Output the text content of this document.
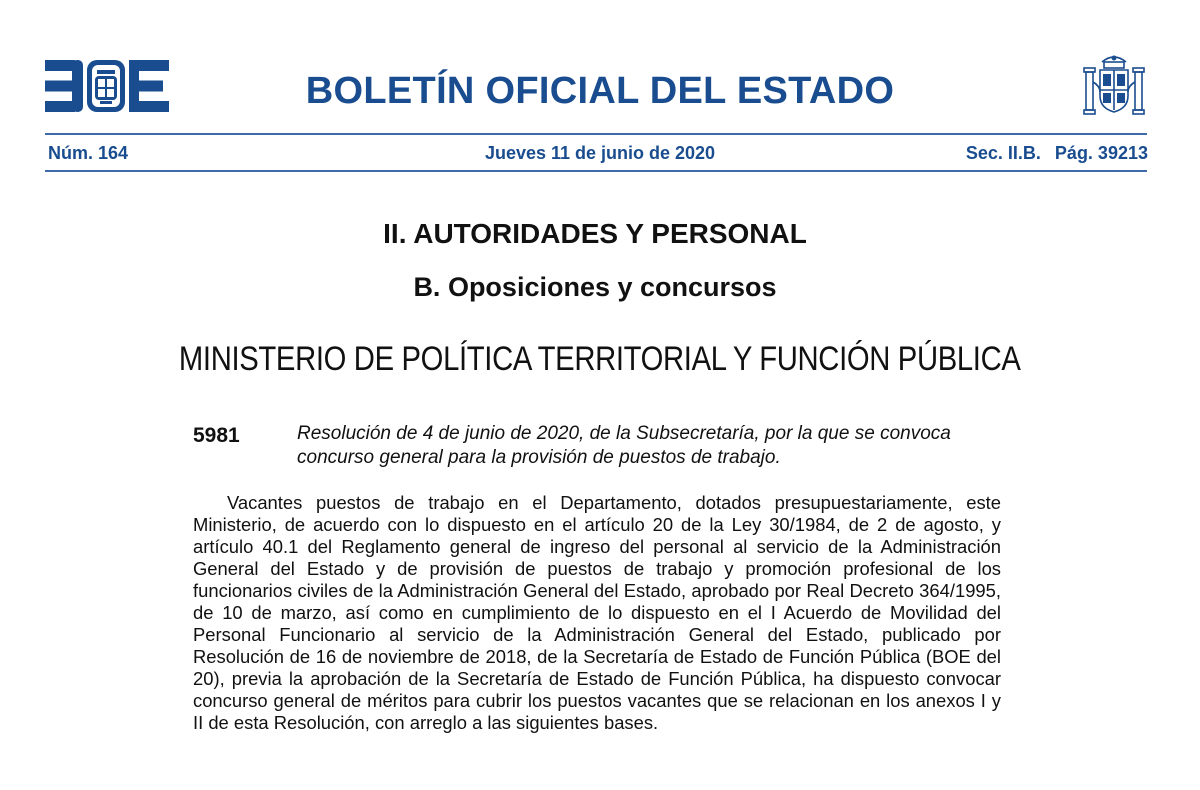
BOLETÍN OFICIAL DEL ESTADO
Núm. 164	Jueves 11 de junio de 2020	Sec. II.B. Pág. 39213
II. AUTORIDADES Y PERSONAL
B. Oposiciones y concursos
MINISTERIO DE POLÍTICA TERRITORIAL Y FUNCIÓN PÚBLICA
5981	Resolución de 4 de junio de 2020, de la Subsecretaría, por la que se convoca concurso general para la provisión de puestos de trabajo.
Vacantes puestos de trabajo en el Departamento, dotados presupuestariamente, este Ministerio, de acuerdo con lo dispuesto en el artículo 20 de la Ley 30/1984, de 2 de agosto, y artículo 40.1 del Reglamento general de ingreso del personal al servicio de la Administración General del Estado y de provisión de puestos de trabajo y promoción profesional de los funcionarios civiles de la Administración General del Estado, aprobado por Real Decreto 364/1995, de 10 de marzo, así como en cumplimiento de lo dispuesto en el I Acuerdo de Movilidad del Personal Funcionario al servicio de la Administración General del Estado, publicado por Resolución de 16 de noviembre de 2018, de la Secretaría de Estado de Función Pública (BOE del 20), previa la aprobación de la Secretaría de Estado de Función Pública, ha dispuesto convocar concurso general de méritos para cubrir los puestos vacantes que se relacionan en los anexos I y II de esta Resolución, con arreglo a las siguientes bases.
